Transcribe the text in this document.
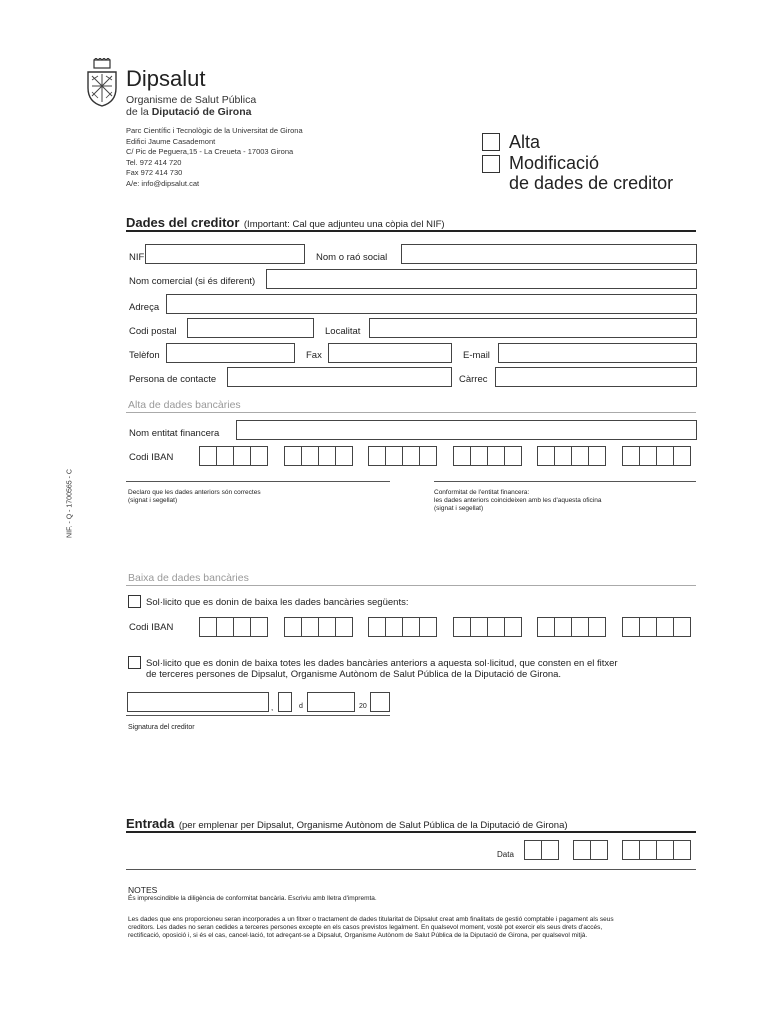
Dipsalut
Organisme de Salut Pública
de la Diputació de Girona
Parc Científic i Tecnològic de la Universitat de Girona
Edifici Jaume Casademont
C/ Pic de Peguera,15 - La Creueta - 17003 Girona
Tel. 972 414 720
Fax 972 414 730
A/e: info@dipsalut.cat
Alta
Modificació
de dades de creditor
NIF. - Q - 1700565 - C
Dades del creditor (Important: Cal que adjunteu una còpia del NIF)
NIF	Nom o raó social
Nom comercial (si és diferent)
Adreça
Codi postal	Localitat
Telèfon	Fax	E-mail
Persona de contacte	Càrrec
Alta de dades bancàries
Nom entitat financera
Codi IBAN
Declaro que les dades anteriors són correctes
(signat i segellat)
Conformitat de l'entitat financera:
les dades anteriors coincideixen amb les d'aquesta oficina
(signat i segellat)
Baixa de dades bancàries
Sol·licito que es donin de baixa les dades bancàries següents:
Codi IBAN
Sol·licito que es donin de baixa totes les dades bancàries anteriors a aquesta sol·licitud, que consten en el fitxer
de terceres persones de Dipsalut, Organisme Autònom de Salut Pública de la Diputació de Girona.
,	d	20
Signatura del creditor
Entrada (per emplenar per Dipsalut, Organisme Autònom de Salut Pública de la Diputació de Girona)
Data
NOTES
És imprescindible la diligència de conformitat bancària. Escriviu amb lletra d'impremta.
Les dades que ens proporcioneu seran incorporades a un fitxer o tractament de dades titularitat de Dipsalut creat amb finalitats de gestió comptable i pagament als seus
creditors. Les dades no seran cedides a terceres persones excepte en els casos previstos legalment. En qualsevol moment, vostè pot exercir els seus drets d'accés,
rectificació, oposició i, si és el cas, cancel·lació, tot adreçant-se a Dipsalut, Organisme Autònom de Salut Pública de la Diputació de Girona, per qualsevol mitjà.
